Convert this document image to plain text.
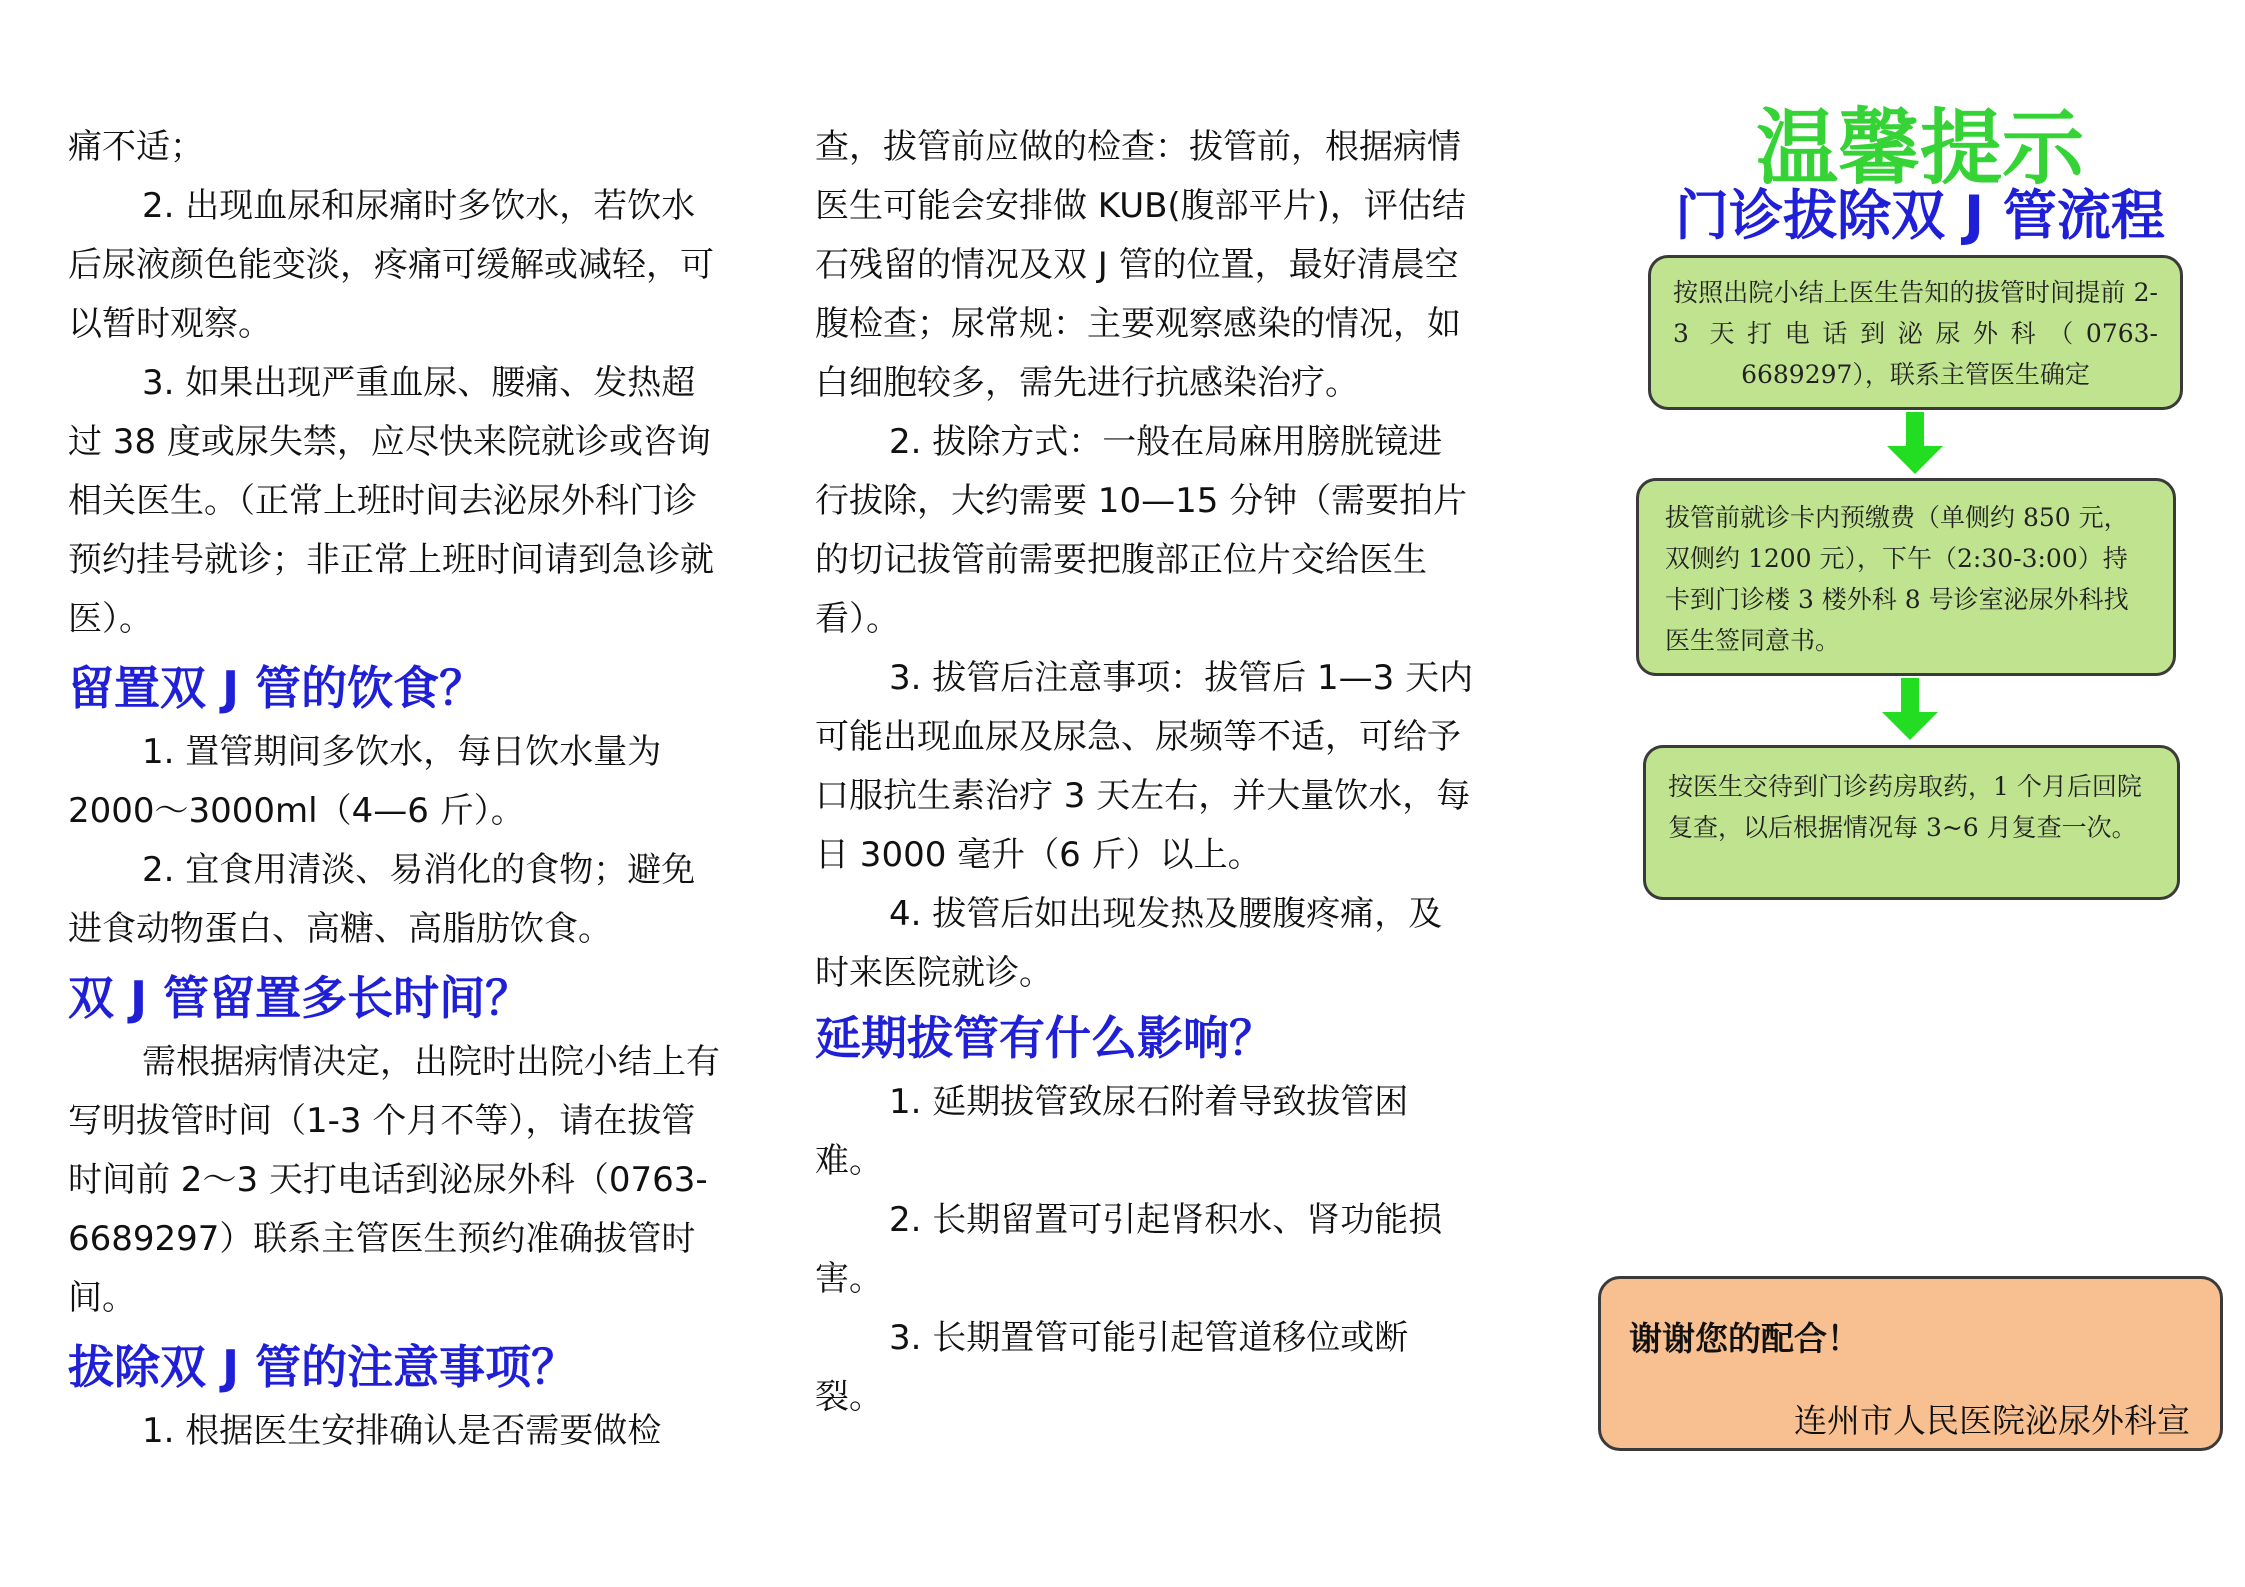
痛不适；

2. 出现血尿和尿痛时多饮水，若饮水后尿液颜色能变淡，疼痛可缓解或减轻，可以暂时观察。

3. 如果出现严重血尿、腰痛、发热超过 38 度或尿失禁，应尽快来院就诊或咨询相关医生。（正常上班时间去泌尿外科门诊预约挂号就诊；非正常上班时间请到急诊就医）。

留置双 J 管的饮食？

1. 置管期间多饮水，每日饮水量为 2000～3000ml（4—6 斤）。

2. 宜食用清淡、易消化的食物；避免进食动物蛋白、高糖、高脂肪饮食。

双 J 管留置多长时间？

需根据病情决定，出院时出院小结上有写明拔管时间（1-3 个月不等），请在拔管时间前 2～3 天打电话到泌尿外科（0763-6689297）联系主管医生预约准确拔管时间。

拔除双 J 管的注意事项？

1. 根据医生安排确认是否需要做检

查，拔管前应做的检查：拔管前，根据病情医生可能会安排做 KUB(腹部平片)，评估结石残留的情况及双 J 管的位置，最好清晨空腹检查；尿常规：主要观察感染的情况，如白细胞较多，需先进行抗感染治疗。

2. 拔除方式：一般在局麻用膀胱镜进行拔除，大约需要 10—15 分钟（需要拍片的切记拔管前需要把腹部正位片交给医生看）。

3. 拔管后注意事项：拔管后 1—3 天内可能出现血尿及尿急、尿频等不适，可给予口服抗生素治疗 3 天左右，并大量饮水，每日 3000 毫升（6 斤）以上。

4. 拔管后如出现发热及腰腹疼痛，及时来医院就诊。

延期拔管有什么影响？

1. 延期拔管致尿石附着导致拔管困难。

2. 长期留置可引起肾积水、肾功能损害。

3. 长期置管可能引起管道移位或断裂。

温馨提示
门诊拔除双 J 管流程
按照出院小结上医生告知的拔管时间提前 2-3 天打电话到泌尿外科（0763-6689297），联系主管医生确定
拔管前就诊卡内预缴费（单侧约 850 元，双侧约 1200 元），下午（2:30-3:00）持卡到门诊楼 3 楼外科 8 号诊室泌尿外科找医生签同意书。
按医生交待到门诊药房取药，1 个月后回院复查，以后根据情况每 3~6 月复查一次。
谢谢您的配合！
连州市人民医院泌尿外科宣
